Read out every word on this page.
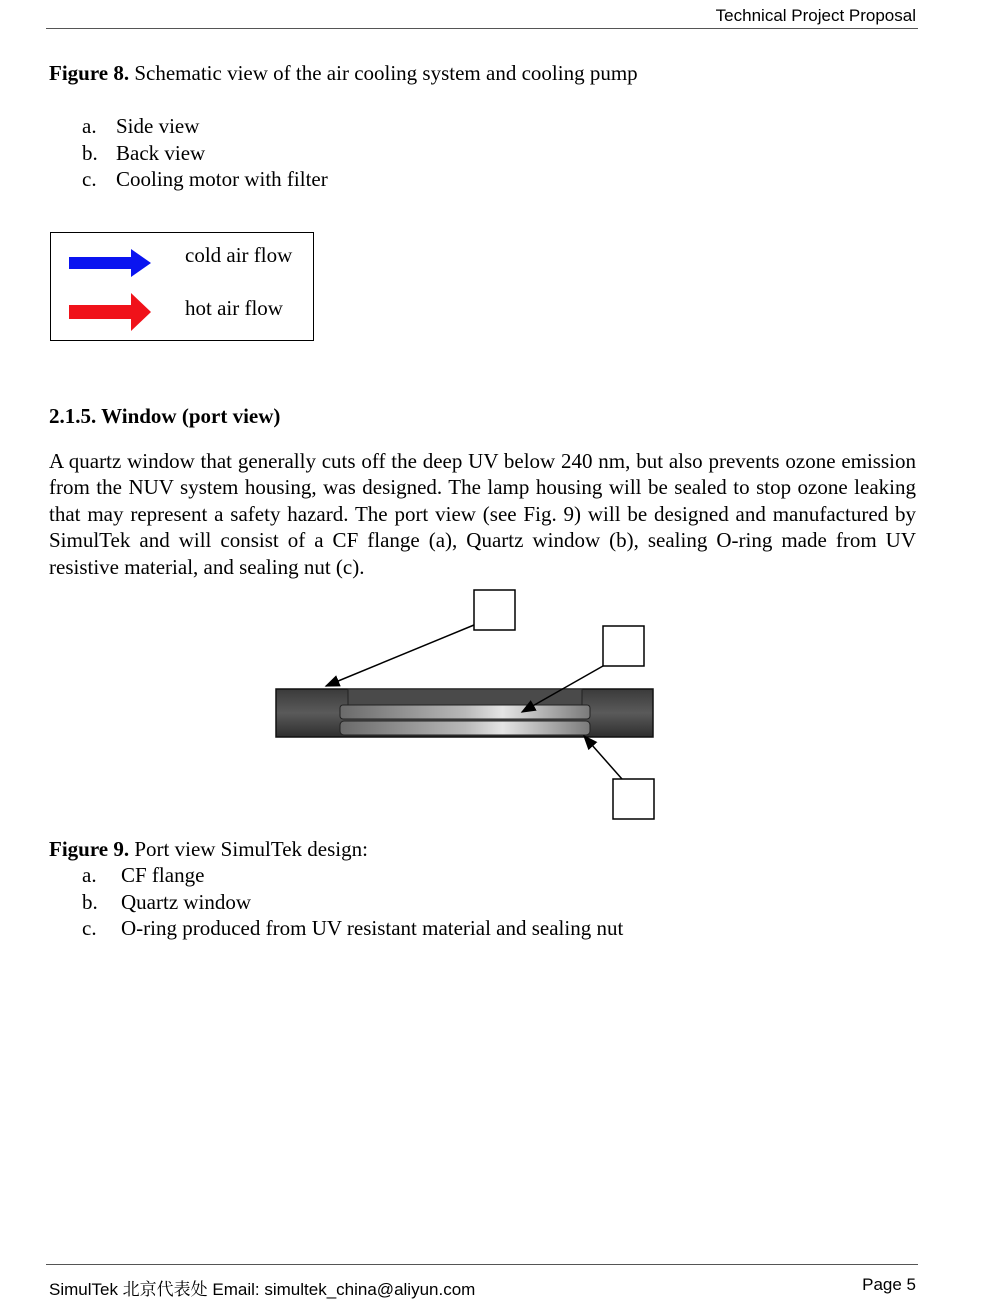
Technical Project Proposal
Figure 8. Schematic view of the air cooling system and cooling pump
a. Side view
b. Back view
c. Cooling motor with filter
cold air flow
hot air flow
2.1.5. Window (port view)
A quartz window that generally cuts off the deep UV below 240 nm, but also prevents ozone emission from the NUV system housing, was designed. The lamp housing will be sealed to stop ozone leaking that may represent a safety hazard. The port view (see Fig. 9) will be designed and manufactured by SimulTek and will consist of a CF flange (a), Quartz window (b), sealing O-ring made from UV resistive material, and sealing nut (c).
Figure 9. Port view SimulTek design:
a.	CF flange
b.	Quartz window
c.	O-ring produced from UV resistant material and sealing nut
SimulTek 北京代表处 Email: simultek_china@aliyun.com	Page 5
